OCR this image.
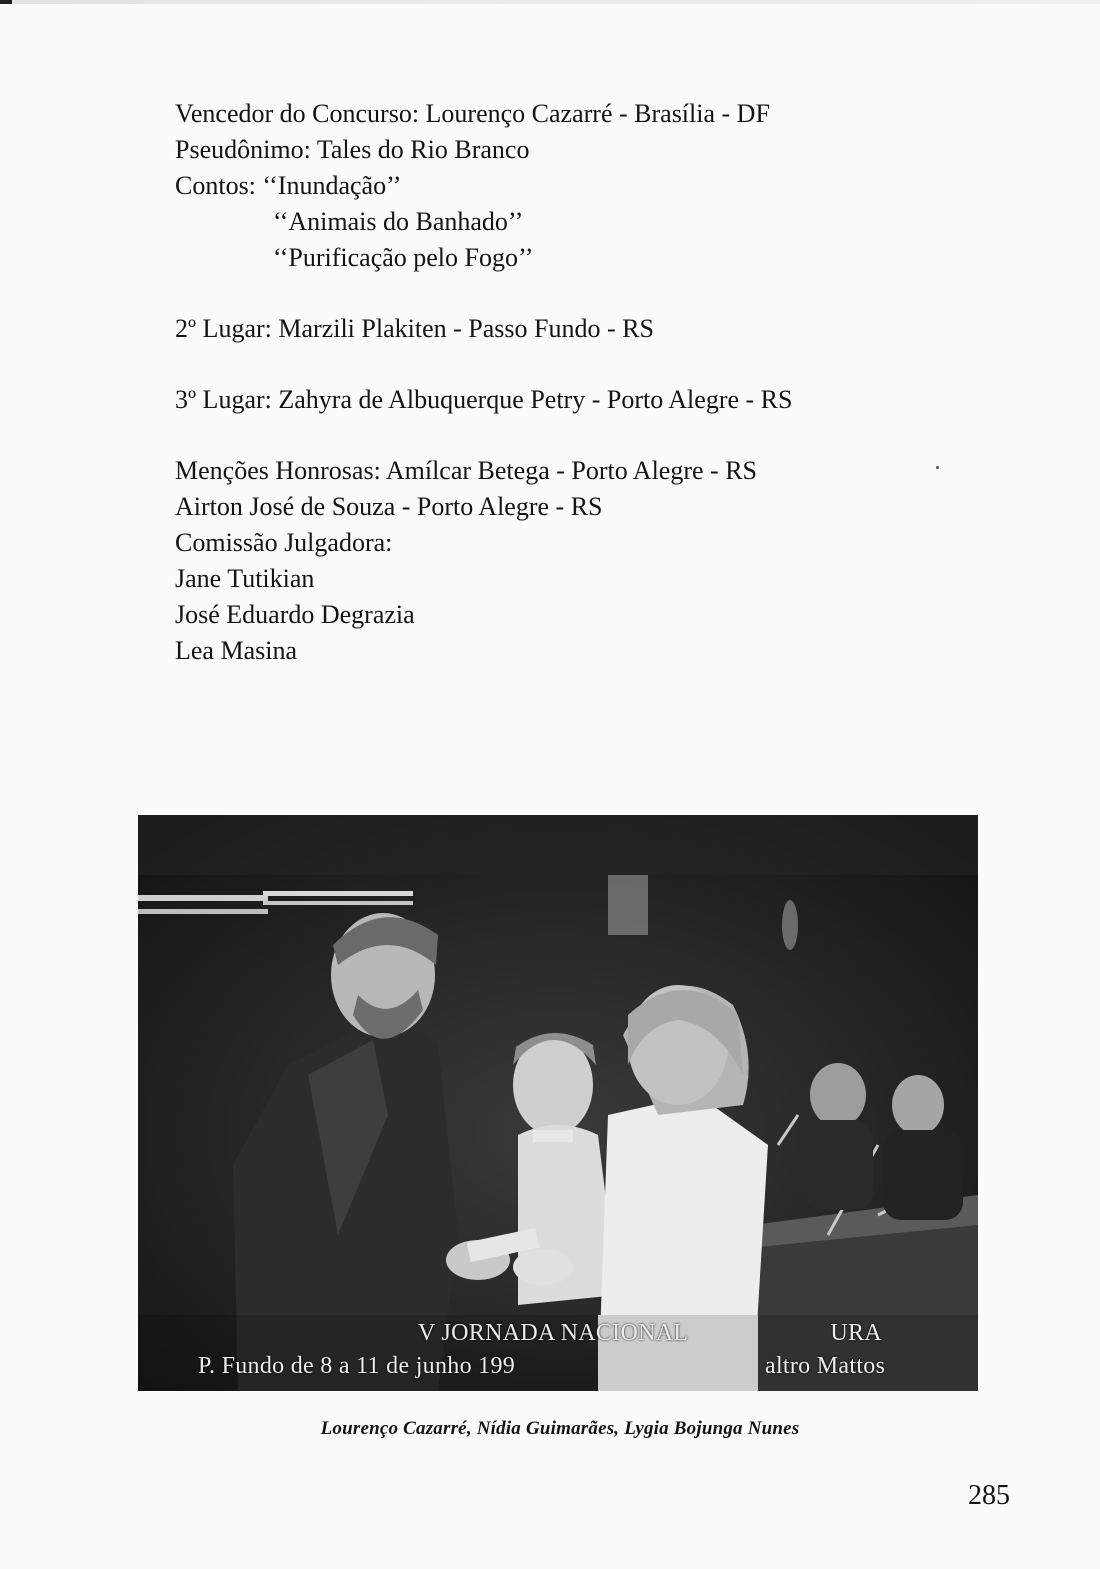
Vencedor do Concurso: Lourenço Cazarré - Brasília - DF
Pseudônimo: Tales do Rio Branco
Contos: ‘‘Inundação’’
‘‘Animais do Banhado’’
‘‘Purificação pelo Fogo’’
2º Lugar: Marzili Plakiten - Passo Fundo - RS
3º Lugar: Zahyra de Albuquerque Petry - Porto Alegre - RS
Menções Honrosas: Amílcar Betega - Porto Alegre - RS
Airton José de Souza - Porto Alegre - RS
Comissão Julgadora:
Jane Tutikian
José Eduardo Degrazia
Lea Masina
V JORNADA NACIONAL	URA
P. Fundo de 8 a 11 de junho 199	altro Mattos
Lourenço Cazarré, Nídia Guimarães, Lygia Bojunga Nunes
285
